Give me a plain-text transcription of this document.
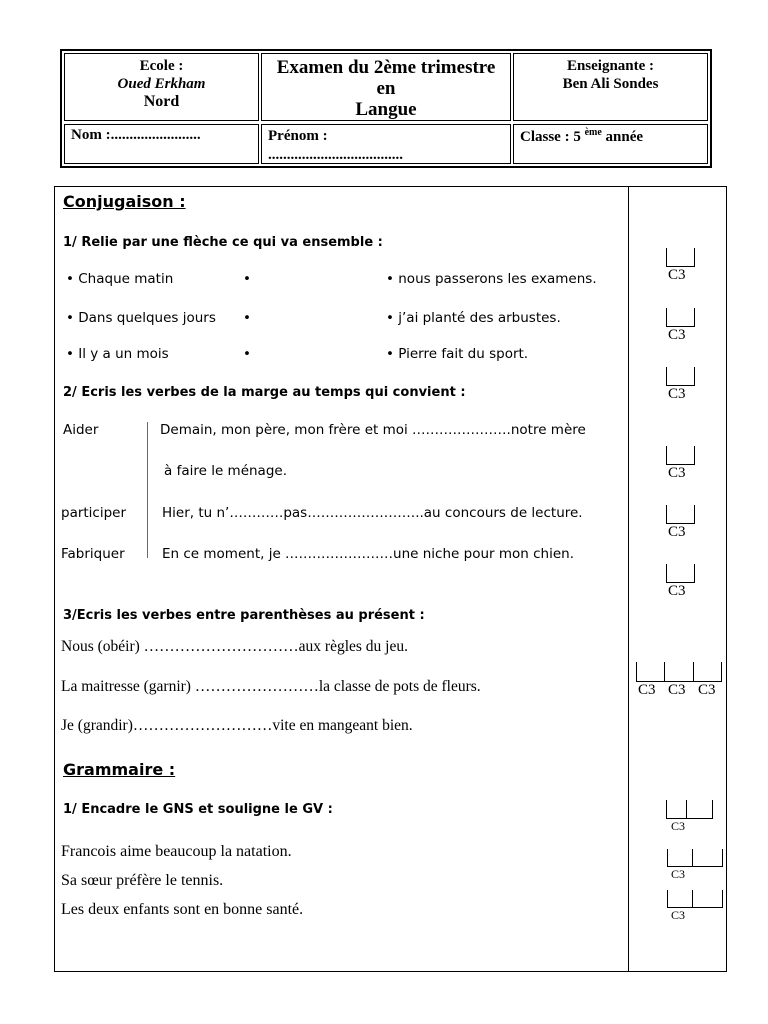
Ecole :
Oued Erkham
Nord
Examen du 2ème trimestre
en
Langue
Enseignante :
Ben Ali Sondes
Nom :........................	Prénom :
....................................
Classe : 5 $^{ème}$ année
Conjugaison :
1/ Relie par une flèche ce qui va ensemble :
• Chaque matin
• Dans quelques jours
• Il y a un mois
•
•
•
• nous passerons les examens.
• j’ai planté des arbustes.
• Pierre fait du sport.
2/ Ecris les verbes de la marge au temps qui convient :
Aider
participer
Fabriquer
Demain, mon père, mon frère et moi ………………….notre mère
à faire le ménage.
Hier, tu n’…………pas……………………..au concours de lecture.
En ce moment, je ……………………une niche pour mon chien.
3/Ecris les verbes entre parenthèses au présent :
Nous (obéir) …………………………aux règles du jeu.
La maitresse (garnir) ……………………la classe de pots de fleurs.
Je (grandir)………………………vite en mangeant bien.
Grammaire :
1/ Encadre le GNS et souligne le GV :
Francois aime beaucoup la natation.
Sa sœur préfère le tennis.
Les deux enfants sont en bonne santé.
C3
C3
C3
C3
C3
C3
C3 C3 C3
C3
C3
C3
